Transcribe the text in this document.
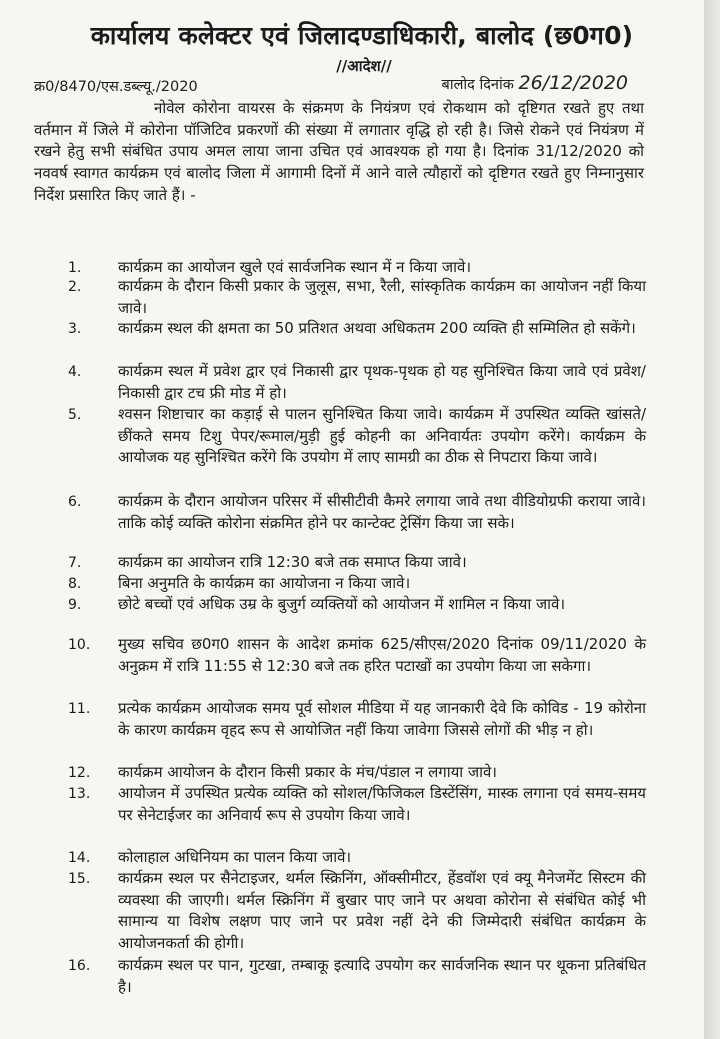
कार्यालय कलेक्टर एवं जिलादण्डाधिकारी, बालोद (छ0ग0)
//आदेश//
क्र0/8470/एस.डब्ल्यू./2020	बालोद दिनांक 26/12/2020

नोवेल कोरोना वायरस के संक्रमण के नियंत्रण एवं रोकथाम को दृष्टिगत रखते हुए तथा वर्तमान में जिले में कोरोना पॉजिटिव प्रकरणों की संख्या में लगातार वृद्धि हो रही है। जिसे रोकने एवं नियंत्रण में रखने हेतु सभी संबंधित उपाय अमल लाया जाना उचित एवं आवश्यक हो गया है। दिनांक 31/12/2020 को नववर्ष स्वागत कार्यक्रम एवं बालोद जिला में आगामी दिनों में आने वाले त्यौहारों को दृष्टिगत रखते हुए निम्नानुसार निर्देश प्रसारित किए जाते हैं। -

1. कार्यक्रम का आयोजन खुले एवं सार्वजनिक स्थान में न किया जावे।

2. कार्यक्रम के दौरान किसी प्रकार के जुलूस, सभा, रैली, सांस्कृतिक कार्यक्रम का आयोजन नहीं किया जावे।

3. कार्यक्रम स्थल की क्षमता का 50 प्रतिशत अथवा अधिकतम 200 व्यक्ति ही सम्मिलित हो सकेंगे।

4. कार्यक्रम स्थल में प्रवेश द्वार एवं निकासी द्वार पृथक-पृथक हो यह सुनिश्चित किया जावे एवं प्रवेश/निकासी द्वार टच फ्री मोड में हो।

5. श्वसन शिष्टाचार का कड़ाई से पालन सुनिश्चित किया जावे। कार्यक्रम में उपस्थित व्यक्ति खांसते/छींकते समय टिशु पेपर/रूमाल/मुड़ी हुई कोहनी का अनिवार्यतः उपयोग करेंगे। कार्यक्रम के आयोजक यह सुनिश्चित करेंगे कि उपयोग में लाए सामग्री का ठीक से निपटारा किया जावे।

6. कार्यक्रम के दौरान आयोजन परिसर में सीसीटीवी कैमरे लगाया जावे तथा वीडियोग्रफी कराया जावे। ताकि कोई व्यक्ति कोरोना संक्रमित होने पर कान्टेक्ट ट्रेसिंग किया जा सके।

7. कार्यक्रम का आयोजन रात्रि 12:30 बजे तक समाप्त किया जावे।

8. बिना अनुमति के कार्यक्रम का आयोजना न किया जावे।

9. छोटे बच्चों एवं अधिक उम्र के बुजुर्ग व्यक्तियों को आयोजन में शामिल न किया जावे।

10. मुख्य सचिव छ0ग0 शासन के आदेश क्रमांक 625/सीएस/2020 दिनांक 09/11/2020 के अनुक्रम में रात्रि 11:55 से 12:30 बजे तक हरित पटाखों का उपयोग किया जा सकेगा।

11. प्रत्येक कार्यक्रम आयोजक समय पूर्व सोशल मीडिया में यह जानकारी देवे कि कोविड - 19 कोरोना के कारण कार्यक्रम वृहद रूप से आयोजित नहीं किया जावेगा जिससे लोगों की भीड़ न हो।

12. कार्यक्रम आयोजन के दौरान किसी प्रकार के मंच/पंडाल न लगाया जावे।

13. आयोजन में उपस्थित प्रत्येक व्यक्ति को सोशल/फिजिकल डिस्टेंसिंग, मास्क लगाना एवं समय-समय पर सेनेटाईजर का अनिवार्य रूप से उपयोग किया जावे।

14. कोलाहाल अधिनियम का पालन किया जावे।

15. कार्यक्रम स्थल पर सैनेटाइजर, थर्मल स्क्रिनिंग, ऑक्सीमीटर, हेंडवॉश एवं क्यू मैनेजमेंट सिस्टम की व्यवस्था की जाएगी। थर्मल स्क्रिनिंग में बुखार पाए जाने पर अथवा कोरोना से संबंधित कोई भी सामान्य या विशेष लक्षण पाए जाने पर प्रवेश नहीं देने की जिम्मेदारी संबंधित कार्यक्रम के आयोजनकर्ता की होगी।

16. कार्यक्रम स्थल पर पान, गुटखा, तम्बाकू इत्यादि उपयोग कर सार्वजनिक स्थान पर थूकना प्रतिबंधित है।
